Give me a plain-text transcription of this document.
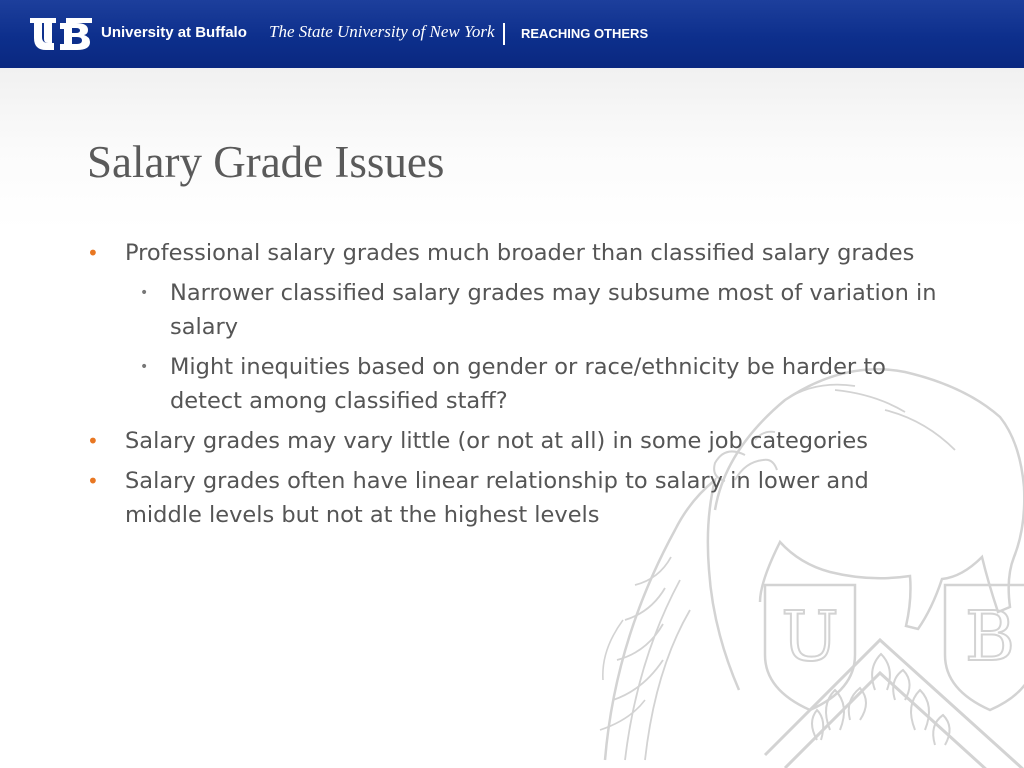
University at Buffalo The State University of New York REACHING OTHERS
U B
Salary Grade Issues
• Professional salary grades much broader than classified salary grades
• Narrower classified salary grades may subsume most of variation in salary
• Might inequities based on gender or race/ethnicity be harder to detect among classified staff?
• Salary grades may vary little (or not at all) in some job categories
• Salary grades often have linear relationship to salary in lower and middle levels but not at the highest levels
